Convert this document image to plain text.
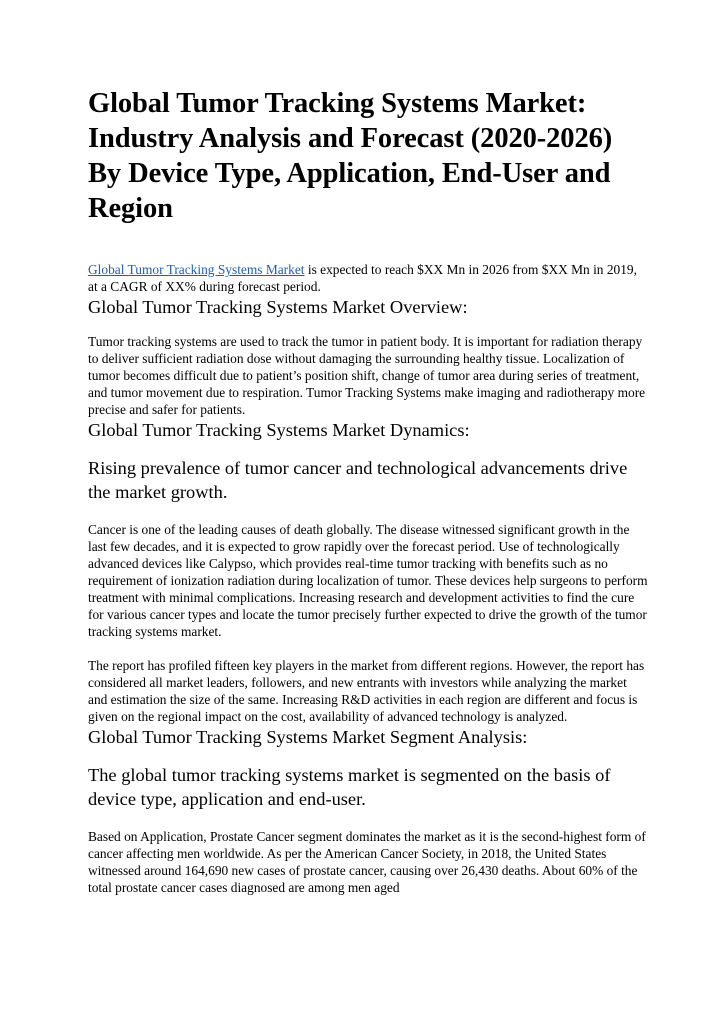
Global Tumor Tracking Systems Market: Industry Analysis and Forecast (2020-2026) By Device Type, Application, End-User and Region

Global Tumor Tracking Systems Market is expected to reach $XX Mn in 2026 from $XX Mn in 2019, at a CAGR of XX% during forecast period.

Global Tumor Tracking Systems Market Overview:

Tumor tracking systems are used to track the tumor in patient body. It is important for radiation therapy to deliver sufficient radiation dose without damaging the surrounding healthy tissue. Localization of tumor becomes difficult due to patient’s position shift, change of tumor area during series of treatment, and tumor movement due to respiration. Tumor Tracking Systems make imaging and radiotherapy more precise and safer for patients.

Global Tumor Tracking Systems Market Dynamics:

Rising prevalence of tumor cancer and technological advancements drive the market growth.

Cancer is one of the leading causes of death globally. The disease witnessed significant growth in the last few decades, and it is expected to grow rapidly over the forecast period. Use of technologically advanced devices like Calypso, which provides real-time tumor tracking with benefits such as no requirement of ionization radiation during localization of tumor. These devices help surgeons to perform treatment with minimal complications. Increasing research and development activities to find the cure for various cancer types and locate the tumor precisely further expected to drive the growth of the tumor tracking systems market.

The report has profiled fifteen key players in the market from different regions. However, the report has considered all market leaders, followers, and new entrants with investors while analyzing the market and estimation the size of the same. Increasing R&D activities in each region are different and focus is given on the regional impact on the cost, availability of advanced technology is analyzed.

Global Tumor Tracking Systems Market Segment Analysis:

The global tumor tracking systems market is segmented on the basis of device type, application and end-user.

Based on Application, Prostate Cancer segment dominates the market as it is the second-highest form of cancer affecting men worldwide. As per the American Cancer Society, in 2018, the United States witnessed around 164,690 new cases of prostate cancer, causing over 26,430 deaths. About 60% of the total prostate cancer cases diagnosed are among men aged
